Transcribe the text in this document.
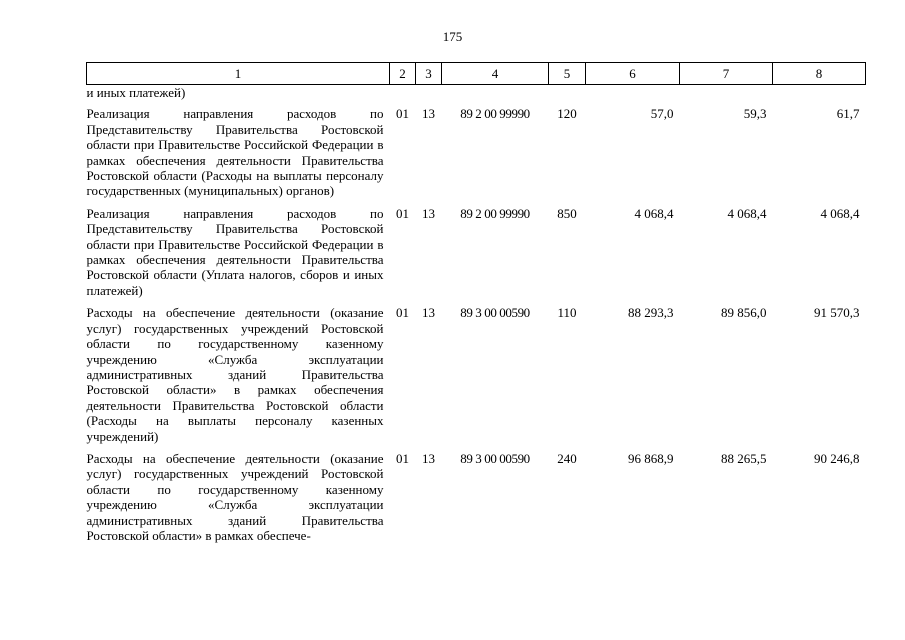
175
1	2	3	4	5	6	7	8
и иных платежей)							
Реализация направления расходов по Представительству Правительства Ростовской области при Правительстве Российской Федерации в рамках обеспечения деятельности Правительства Ростовской области (Расходы на выплаты персоналу государственных (муниципальных) органов)	01	13	89 2 00 99990	120	57,0	59,3	61,7
Реализация направления расходов по Представительству Правительства Ростовской области при Правительстве Российской Федерации в рамках обеспечения деятельности Правительства Ростовской области (Уплата налогов, сборов и иных платежей)	01	13	89 2 00 99990	850	4 068,4	4 068,4	4 068,4
Расходы на обеспечение деятельности (оказание услуг) государственных учреждений Ростовской области по государственному казенному учреждению «Служба эксплуатации административных зданий Правительства Ростовской области» в рамках обеспечения деятельности Правительства Ростовской области (Расходы на выплаты персоналу казенных учреждений)	01	13	89 3 00 00590	110	88 293,3	89 856,0	91 570,3
Расходы на обеспечение деятельности (оказание услуг) государственных учреждений Ростовской области по государственному казенному учреждению «Служба эксплуатации административных зданий Правительства Ростовской области» в рамках обеспече-	01	13	89 3 00 00590	240	96 868,9	88 265,5	90 246,8
